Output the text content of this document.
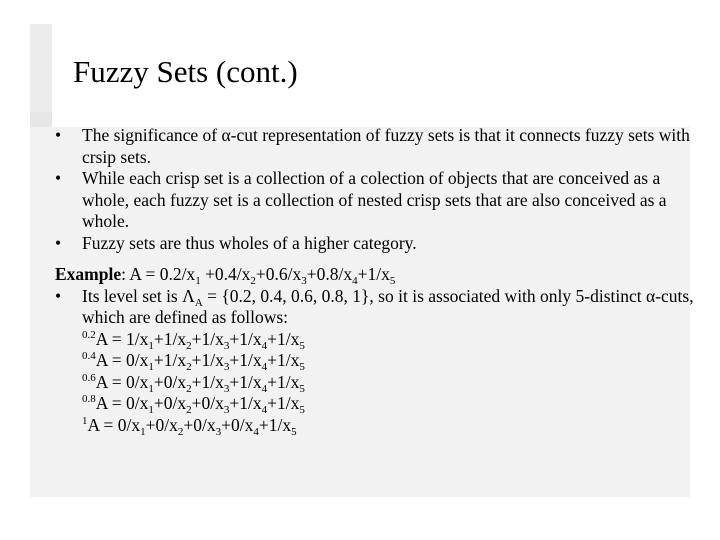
Fuzzy Sets (cont.)
• The significance of α-cut representation of fuzzy sets is that it connects fuzzy sets with crsip sets.
• While each crisp set is a collection of a colection of objects that are conceived as a whole, each fuzzy set is a collection of nested crisp sets that are also conceived as a whole.
• Fuzzy sets are thus wholes of a higher category.
Example: $A = 0.2/x_1 +0.4/x_2+0.6/x_3+0.8/x_4+1/x_5$
• Its level set is $\Lambda_A = \{0.2$, 0.4, 0.6, 0.8, 1}, so it is associated with only 5-distinct α-cuts, which are defined as follows:
$^{0.2}A = 1/x_1+1/x_2+1/x_3+1/x_4+1/x_5$
$^{0.4}A = 0/x_1+1/x_2+1/x_3+1/x_4+1/x_5$
$^{0.6}A = 0/x_1+0/x_2+1/x_3+1/x_4+1/x_5$
$^{0.8}A = 0/x_1+0/x_2+0/x_3+1/x_4+1/x_5$
$^1A = 0/x_1+0/x_2+0/x_3+0/x_4+1/x_5$
